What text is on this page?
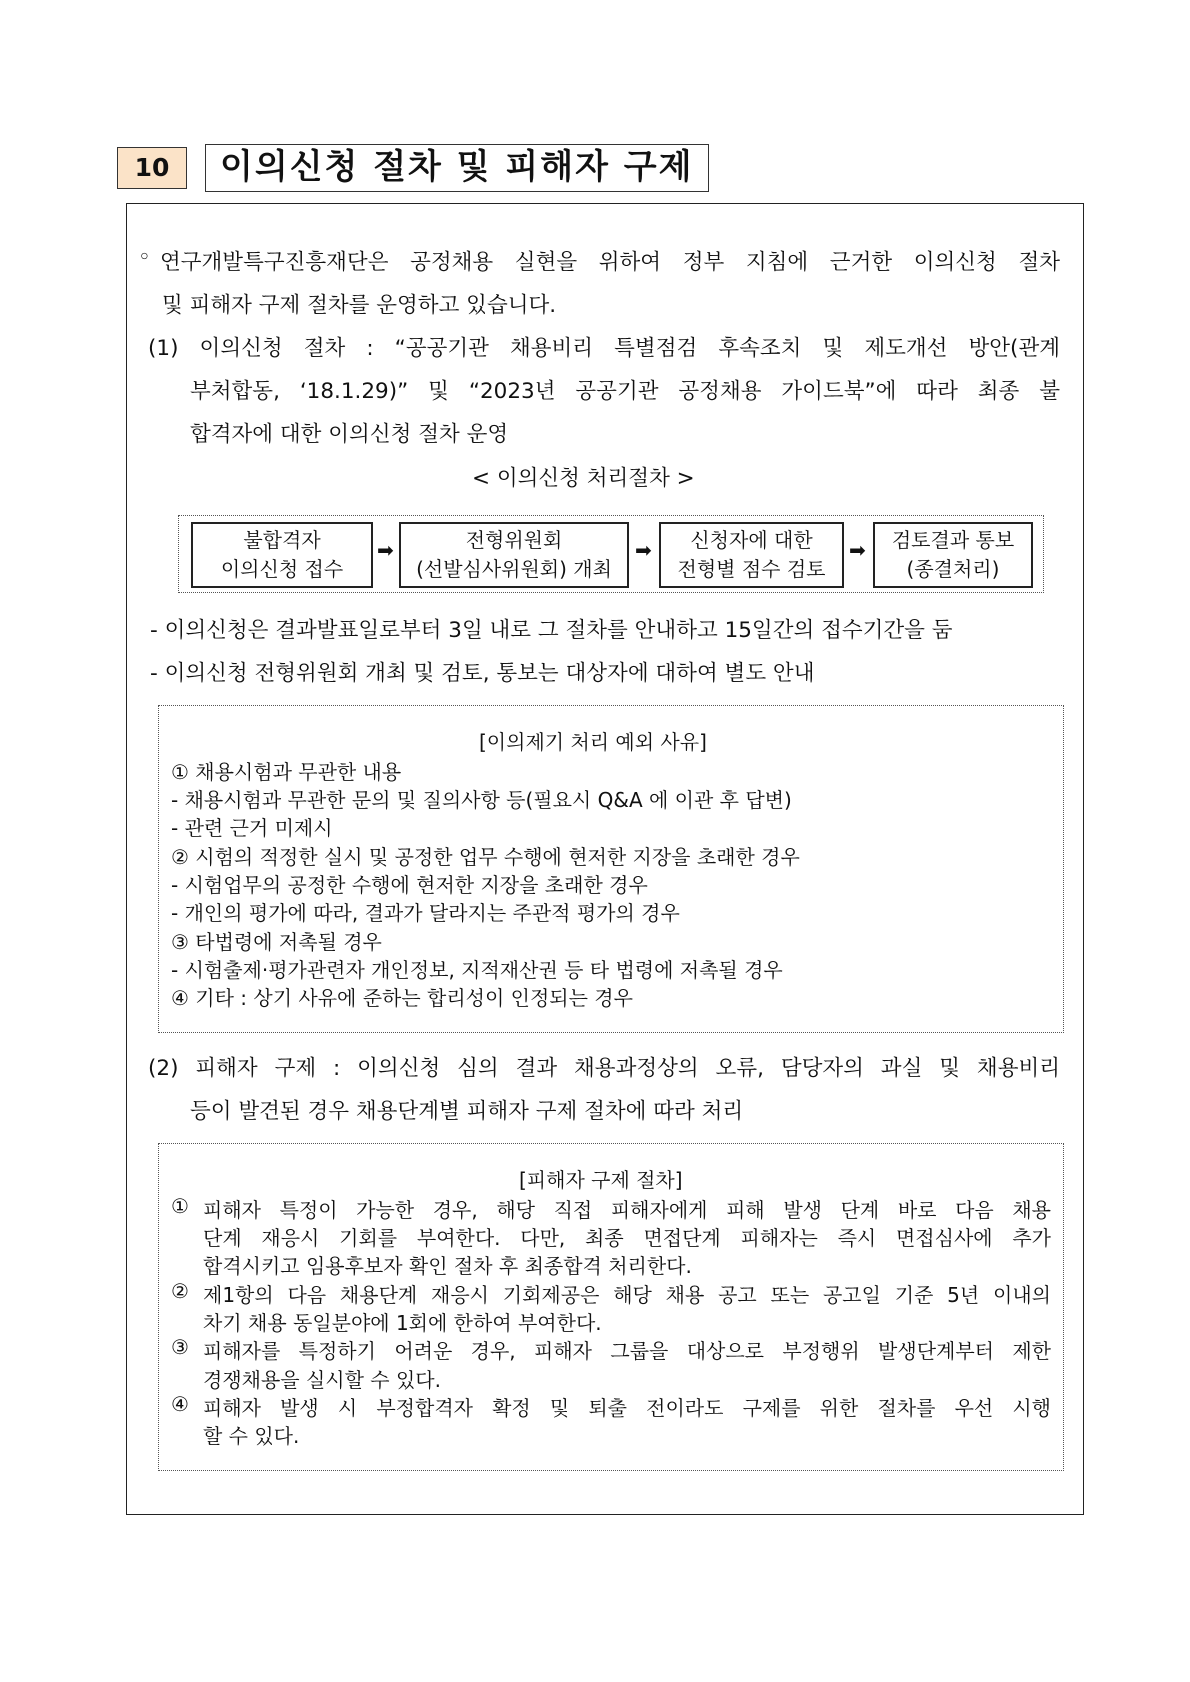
10	이의신청 절차 및 피해자 구제
◦ 연구개발특구진흥재단은 공정채용 실현을 위하여 정부 지침에 근거한 이의신청 절차
및 피해자 구제 절차를 운영하고 있습니다.
(1) 이의신청 절차 : “공공기관 채용비리 특별점검 후속조치 및 제도개선 방안(관계
부처합동, ‘18.1.29)” 및 “2023년 공공기관 공정채용 가이드북”에 따라 최종 불
합격자에 대한 이의신청 절차 운영
< 이의신청 처리절차 >
불합격자
이의신청 접수
➡	전형위원회
(선발심사위원회) 개최
➡	신청자에 대한
전형별 점수 검토
➡	검토결과 통보
(종결처리)
- 이의신청은 결과발표일로부터 3일 내로 그 절차를 안내하고 15일간의 접수기간을 둠
- 이의신청 전형위원회 개최 및 검토, 통보는 대상자에 대하여 별도 안내
[이의제기 처리 예외 사유]
① 채용시험과 무관한 내용
- 채용시험과 무관한 문의 및 질의사항 등(필요시 Q&A 에 이관 후 답변)
- 관련 근거 미제시
② 시험의 적정한 실시 및 공정한 업무 수행에 현저한 지장을 초래한 경우
- 시험업무의 공정한 수행에 현저한 지장을 초래한 경우
- 개인의 평가에 따라, 결과가 달라지는 주관적 평가의 경우
③ 타법령에 저촉될 경우
- 시험출제·평가관련자 개인정보, 지적재산권 등 타 법령에 저촉될 경우
④ 기타 : 상기 사유에 준하는 합리성이 인정되는 경우
(2) 피해자 구제 : 이의신청 심의 결과 채용과정상의 오류, 담당자의 과실 및 채용비리
등이 발견된 경우 채용단계별 피해자 구제 절차에 따라 처리
[피해자 구제 절차]
① 피해자 특정이 가능한 경우, 해당 직접 피해자에게 피해 발생 단계 바로 다음 채용
단계 재응시 기회를 부여한다. 다만, 최종 면접단계 피해자는 즉시 면접심사에 추가
합격시키고 임용후보자 확인 절차 후 최종합격 처리한다.
② 제1항의 다음 채용단계 재응시 기회제공은 해당 채용 공고 또는 공고일 기준 5년 이내의
차기 채용 동일분야에 1회에 한하여 부여한다.
③ 피해자를 특정하기 어려운 경우, 피해자 그룹을 대상으로 부정행위 발생단계부터 제한
경쟁채용을 실시할 수 있다.
④ 피해자 발생 시 부정합격자 확정 및 퇴출 전이라도 구제를 위한 절차를 우선 시행
할 수 있다.
